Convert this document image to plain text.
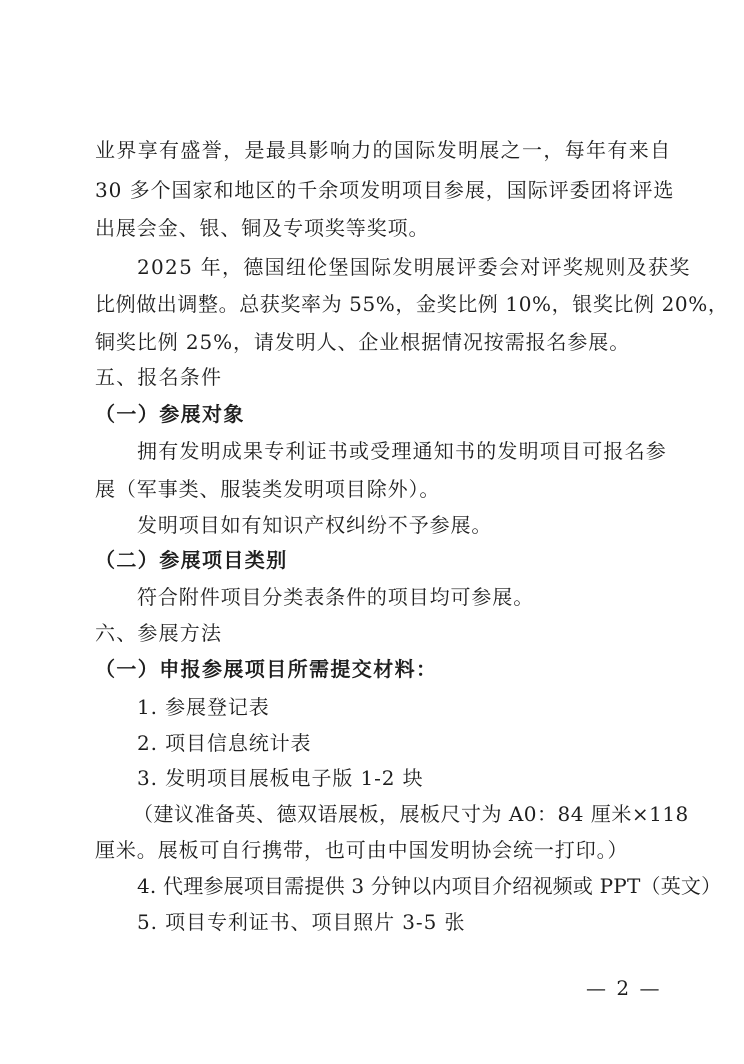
业界享有盛誉，是最具影响力的国际发明展之一，每年有来自

30 多个国家和地区的千余项发明项目参展，国际评委团将评选

出展会金、银、铜及专项奖等奖项。

2025 年，德国纽伦堡国际发明展评委会对评奖规则及获奖

比例做出调整。总获奖率为 55%，金奖比例 10%，银奖比例 20%，

铜奖比例 25%，请发明人、企业根据情况按需报名参展。

五、报名条件
（一）参展对象

拥有发明成果专利证书或受理通知书的发明项目可报名参

展（军事类、服装类发明项目除外）。

发明项目如有知识产权纠纷不予参展。

（二）参展项目类别

符合附件项目分类表条件的项目均可参展。

六、参展方法
（一）申报参展项目所需提交材料：

1. 参展登记表

2. 项目信息统计表

3. 发明项目展板电子版 1-2 块

（建议准备英、德双语展板，展板尺寸为 A0：84 厘米×118

厘米。展板可自行携带，也可由中国发明协会统一打印。）

4. 代理参展项目需提供 3 分钟以内项目介绍视频或 PPT（英文）

5. 项目专利证书、项目照片 3-5 张

— 2 —
